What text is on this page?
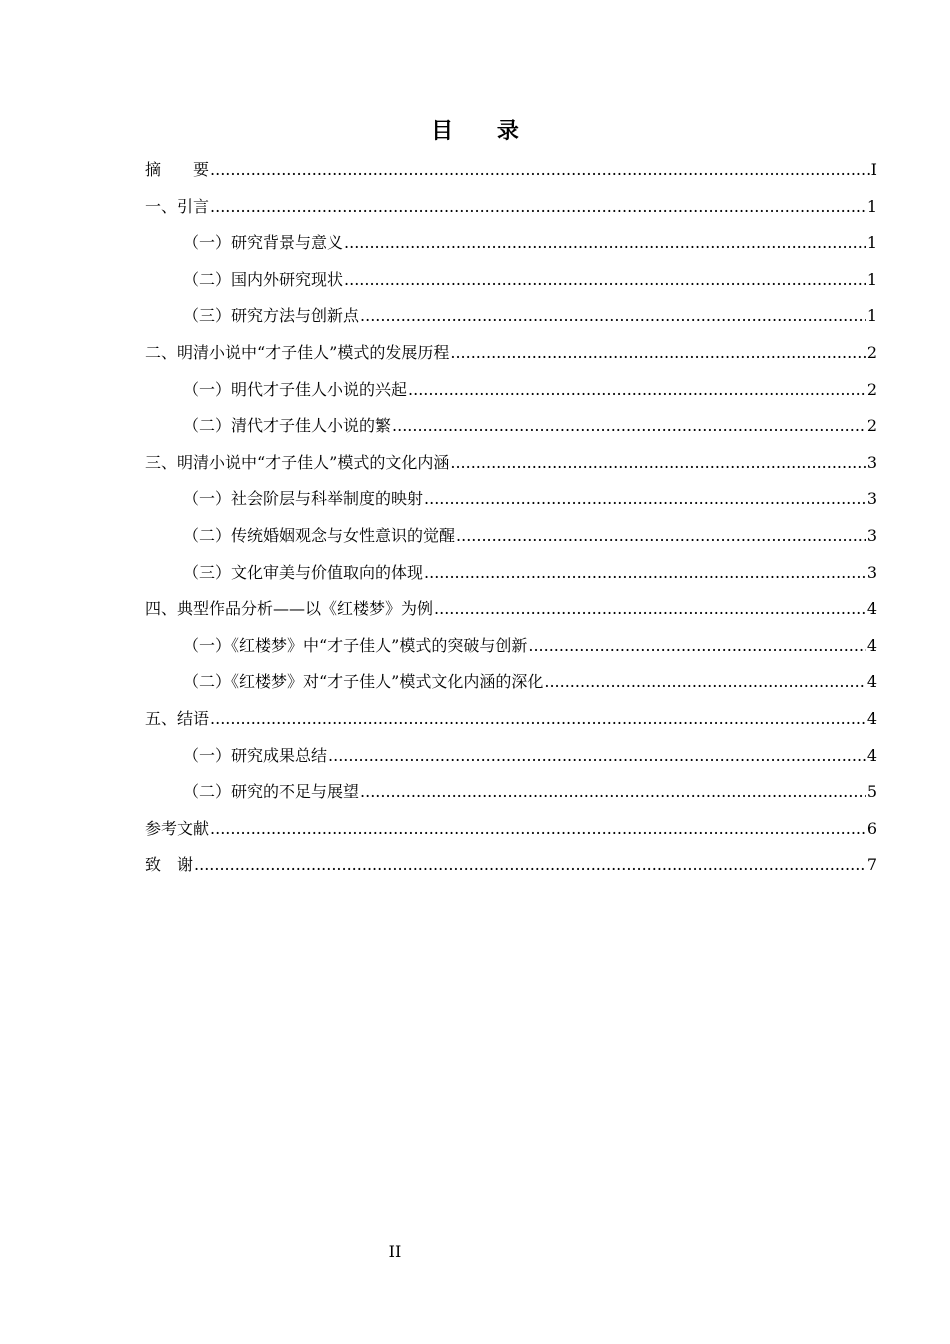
目 录
摘　　要 .....	I
一、引言 .....	1
（一）研究背景与意义 .....	1
（二）国内外研究现状 .....	1
（三）研究方法与创新点 .....	1
二、明清小说中“才子佳人”模式的发展历程 .....	2
（一）明代才子佳人小说的兴起 .....	2
（二）清代才子佳人小说的繁 .....	2
三、明清小说中“才子佳人”模式的文化内涵 .....	3
（一）社会阶层与科举制度的映射 .....	3
（二）传统婚姻观念与女性意识的觉醒 .....	3
（三）文化审美与价值取向的体现 .....	3
四、典型作品分析——以《红楼梦》为例 .....	4
（一）《红楼梦》中“才子佳人”模式的突破与创新 .....	4
（二）《红楼梦》对“才子佳人”模式文化内涵的深化 .....	4
五、结语 .....	4
（一）研究成果总结 .....	4
（二）研究的不足与展望 .....	5
参考文献 .....	6
致　谢 .....	7
II
